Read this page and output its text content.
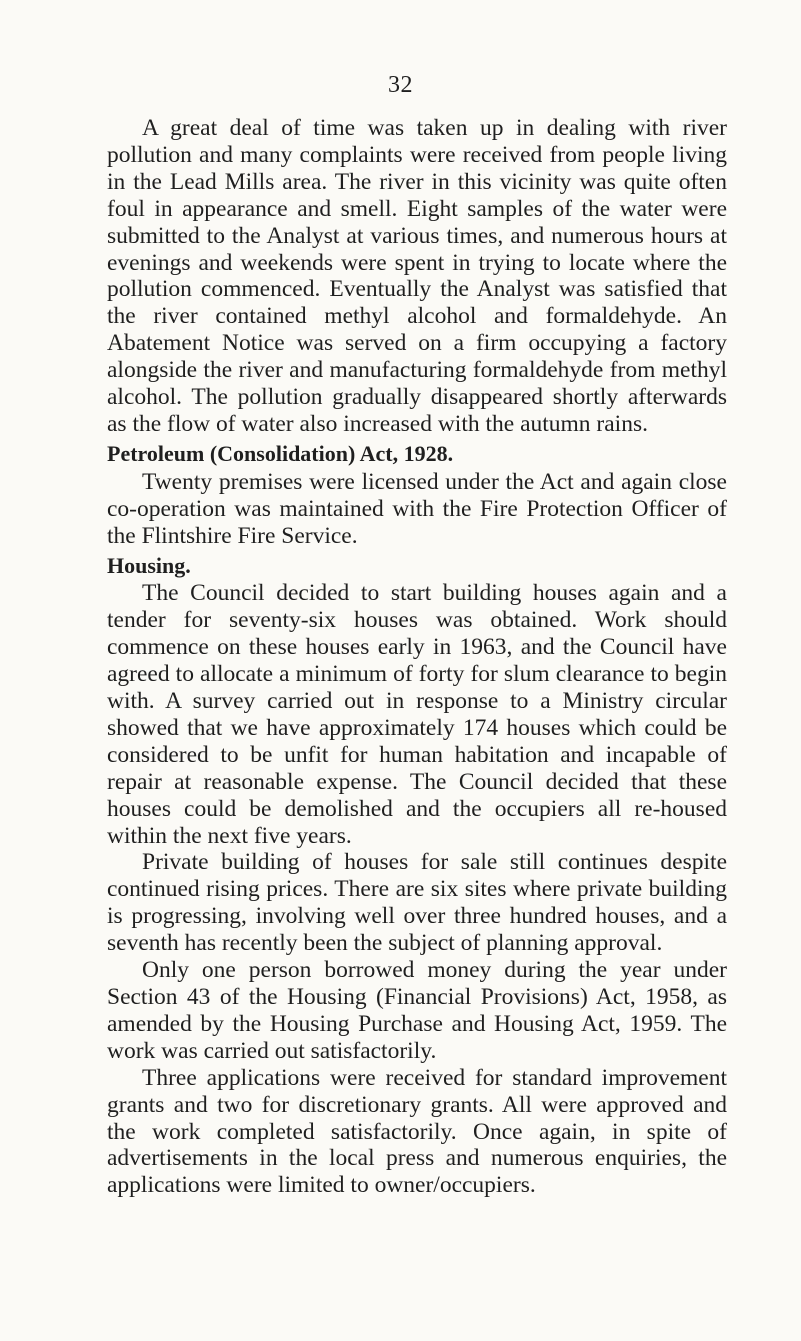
32

A great deal of time was taken up in dealing with river pollution and many complaints were received from people living in the Lead Mills area. The river in this vicinity was quite often foul in appearance and smell. Eight samples of the water were submitted to the Analyst at various times, and numerous hours at evenings and weekends were spent in trying to locate where the pollution commenced. Eventually the Analyst was satisfied that the river contained methyl alcohol and formaldehyde. An Abatement Notice was served on a firm occupying a factory alongside the river and manufacturing formaldehyde from methyl alcohol. The pollution gradually disappeared shortly afterwards as the flow of water also increased with the autumn rains.

Petroleum (Consolidation) Act, 1928.

Twenty premises were licensed under the Act and again close co-operation was maintained with the Fire Protection Officer of the Flintshire Fire Service.

Housing.

The Council decided to start building houses again and a tender for seventy-six houses was obtained. Work should commence on these houses early in 1963, and the Council have agreed to allocate a minimum of forty for slum clearance to begin with. A survey carried out in response to a Ministry circular showed that we have approximately 174 houses which could be considered to be unfit for human habitation and incapable of repair at reasonable expense. The Council decided that these houses could be demolished and the occupiers all re-housed within the next five years.

Private building of houses for sale still continues despite continued rising prices. There are six sites where private building is progressing, involving well over three hundred houses, and a seventh has recently been the subject of planning approval.

Only one person borrowed money during the year under Section 43 of the Housing (Financial Provisions) Act, 1958, as amended by the Housing Purchase and Housing Act, 1959. The work was carried out satisfactorily.

Three applications were received for standard improvement grants and two for discretionary grants. All were approved and the work completed satisfactorily. Once again, in spite of advertisements in the local press and numerous enquiries, the applications were limited to owner/occupiers.
